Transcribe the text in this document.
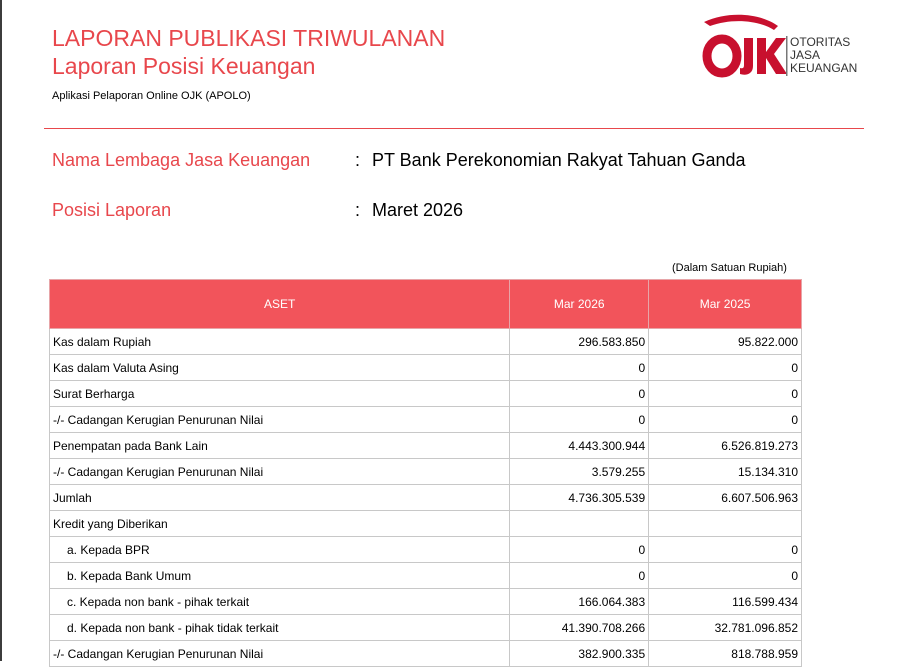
LAPORAN PUBLIKASI TRIWULANAN
Laporan Posisi Keuangan
Aplikasi Pelaporan Online OJK (APOLO)
OTORITAS
JASA
KEUANGAN
Nama Lembaga Jasa Keuangan : PT Bank Perekonomian Rakyat Tahuan Ganda
Posisi Laporan	: Maret 2026
(Dalam Satuan Rupiah)
ASET	Mar 2026	Mar 2025
Kas dalam Rupiah	296.583.850	95.822.000
Kas dalam Valuta Asing	0	0
Surat Berharga	0	0
-/- Cadangan Kerugian Penurunan Nilai	0	0
Penempatan pada Bank Lain	4.443.300.944	6.526.819.273
-/- Cadangan Kerugian Penurunan Nilai	3.579.255	15.134.310
Jumlah	4.736.305.539	6.607.506.963
Kredit yang Diberikan		
a. Kepada BPR	0	0
b. Kepada Bank Umum	0	0
c. Kepada non bank - pihak terkait	166.064.383	116.599.434
d. Kepada non bank - pihak tidak terkait	41.390.708.266	32.781.096.852
-/- Cadangan Kerugian Penurunan Nilai	382.900.335	818.788.959
